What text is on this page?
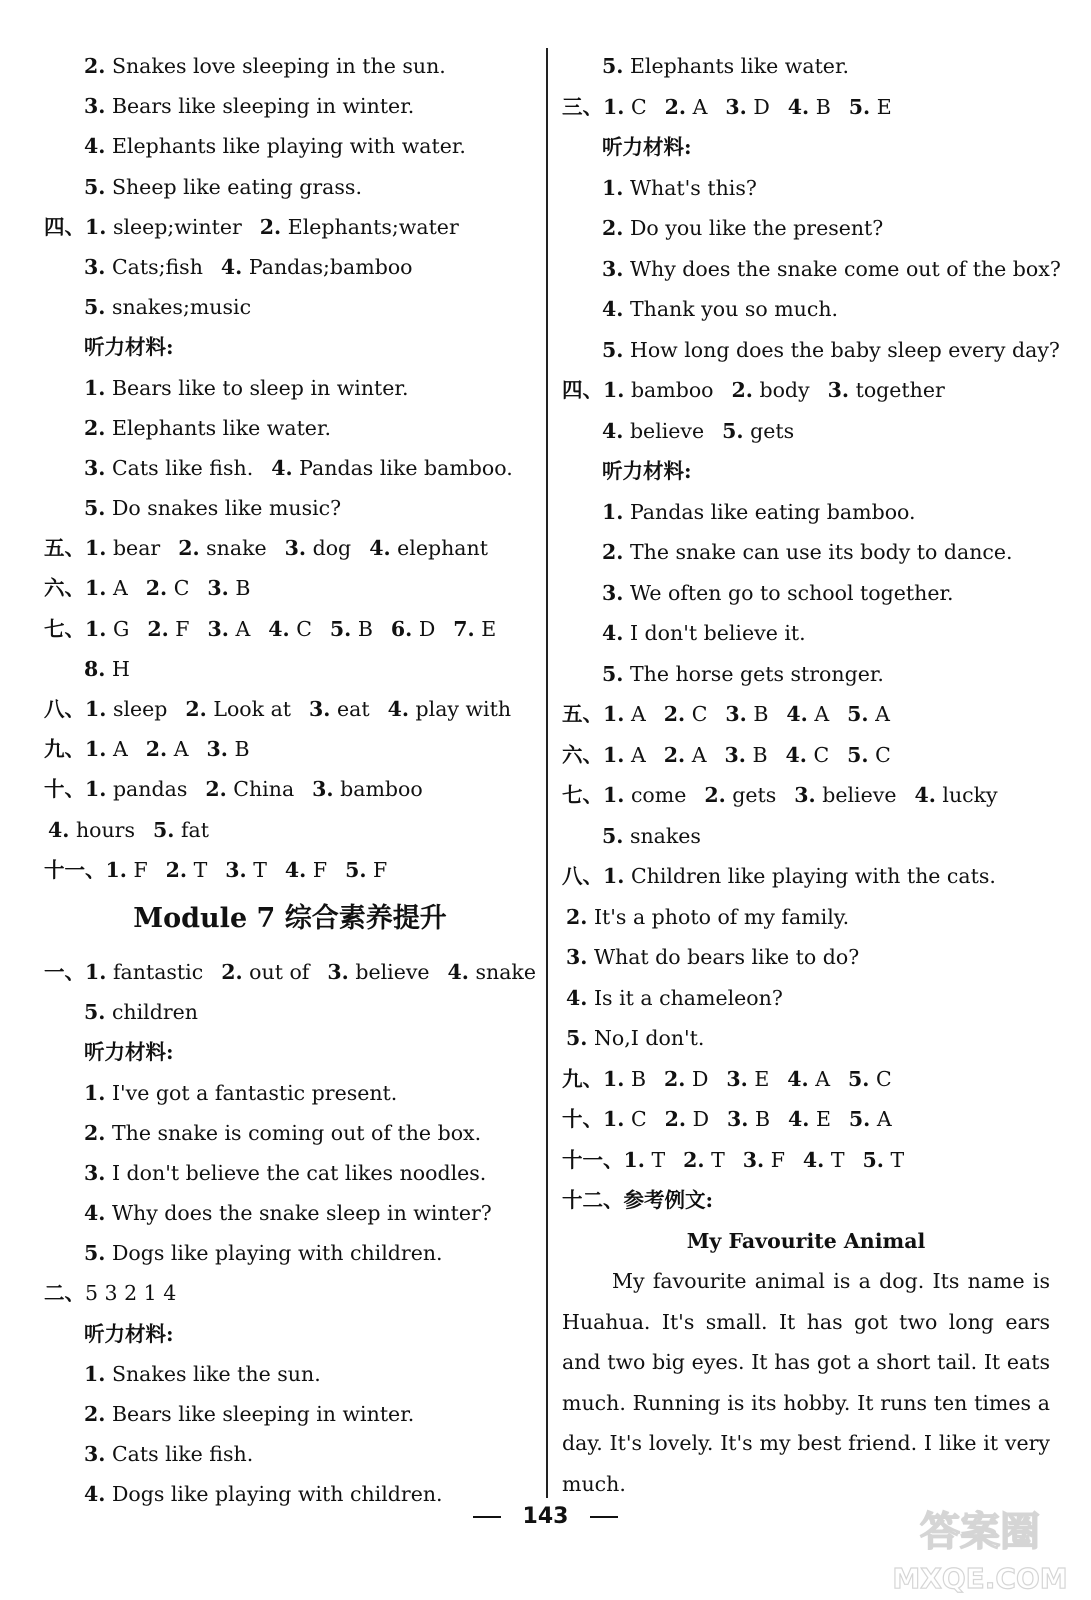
2. Snakes love sleeping in the sun.
3. Bears like sleeping in winter.
4. Elephants like playing with water.
5. Sheep like eating grass.
四、1. sleep;winter 2. Elephants;water
3. Cats;fish 4. Pandas;bamboo
5. snakes;music
听力材料:
1. Bears like to sleep in winter.
2. Elephants like water.
3. Cats like fish. 4. Pandas like bamboo.
5. Do snakes like music?
五、1. bear 2. snake 3. dog 4. elephant
六、1. A 2. C 3. B
七、1. G 2. F 3. A 4. C 5. B 6. D 7. E
8. H
八、1. sleep 2. Look at 3. eat 4. play with
九、1. A 2. A 3. B
十、1. pandas 2. China 3. bamboo
4. hours 5. fat
十一、1. F 2. T 3. T 4. F 5. F
Module 7 综合素养提升
一、1. fantastic 2. out of 3. believe 4. snake
5. children
听力材料:
1. I've got a fantastic present.
2. The snake is coming out of the box.
3. I don't believe the cat likes noodles.
4. Why does the snake sleep in winter?
5. Dogs like playing with children.
二、5 3 2 1 4
听力材料:
1. Snakes like the sun.
2. Bears like sleeping in winter.
3. Cats like fish.
4. Dogs like playing with children.
5. Elephants like water.
三、1. C 2. A 3. D 4. B 5. E
听力材料:
1. What's this?
2. Do you like the present?
3. Why does the snake come out of the box?
4. Thank you so much.
5. How long does the baby sleep every day?
四、1. bamboo 2. body 3. together
4. believe 5. gets
听力材料:
1. Pandas like eating bamboo.
2. The snake can use its body to dance.
3. We often go to school together.
4. I don't believe it.
5. The horse gets stronger.
五、1. A 2. C 3. B 4. A 5. A
六、1. A 2. A 3. B 4. C 5. C
七、1. come 2. gets 3. believe 4. lucky
5. snakes
八、1. Children like playing with the cats.
2. It's a photo of my family.
3. What do bears like to do?
4. Is it a chameleon?
5. No,I don't.
九、1. B 2. D 3. E 4. A 5. C
十、1. C 2. D 3. B 4. E 5. A
十一、1. T 2. T 3. F 4. T 5. T
十二、参考例文:
My Favourite Animal

My favourite animal is a dog. Its name is Huahua. It's small. It has got two long ears and two big eyes. It has got a short tail. It eats much. Running is its hobby. It runs ten times a day. It's lovely. It's my best friend. I like it very much.

143	答案圈
MXQE.COM
